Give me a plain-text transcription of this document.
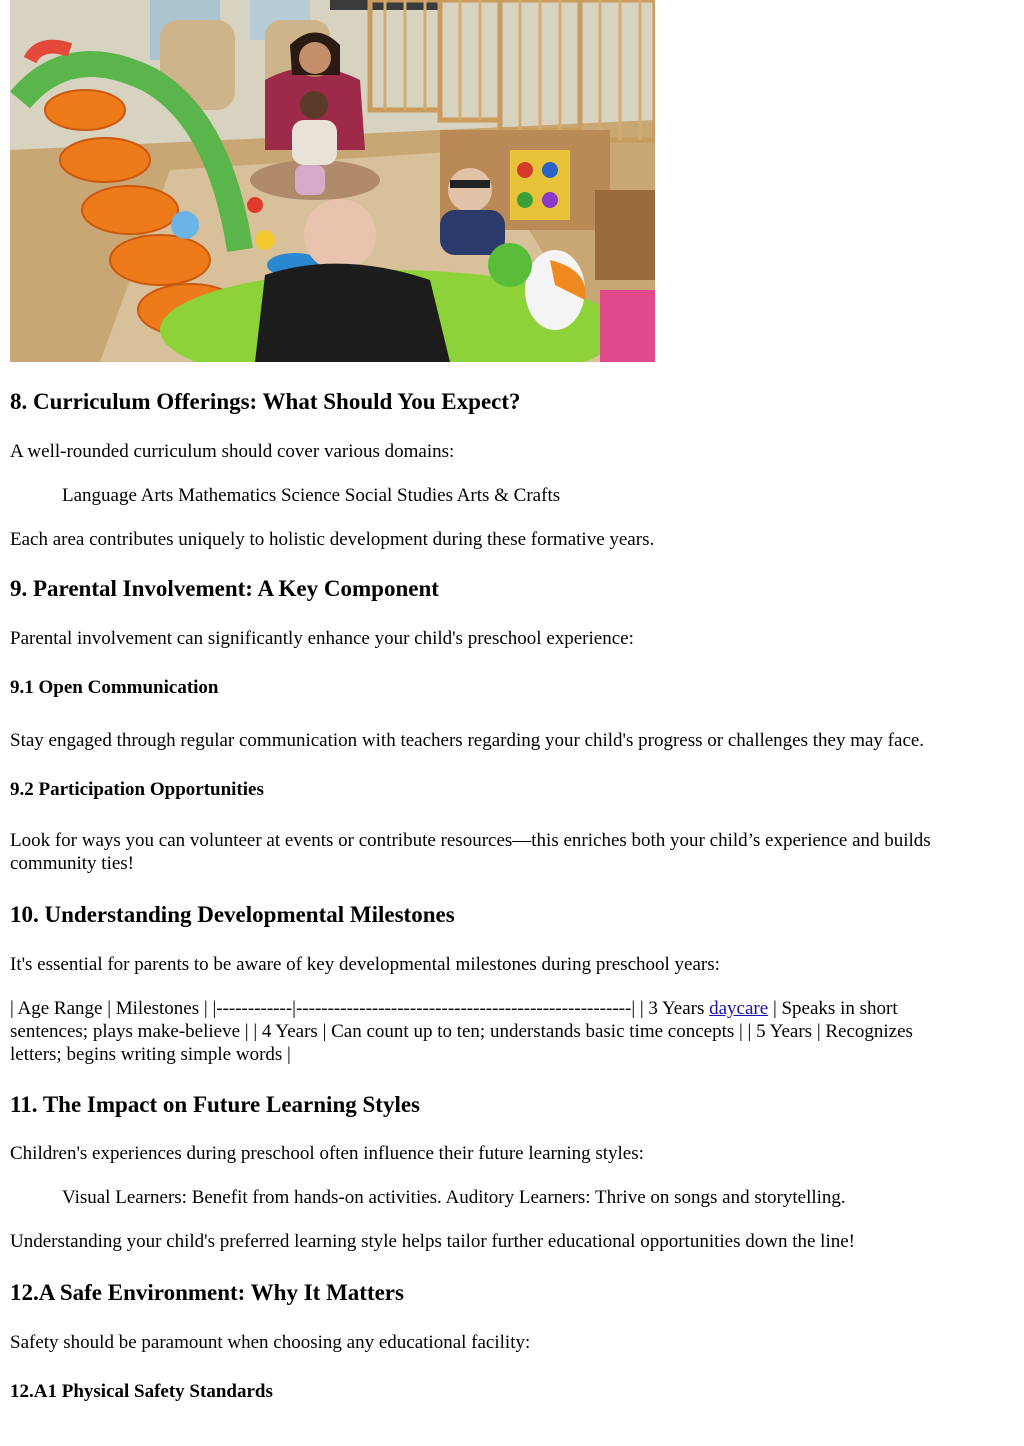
8. Curriculum Offerings: What Should You Expect?

A well-rounded curriculum should cover various domains:

Language Arts Mathematics Science Social Studies Arts & Crafts

Each area contributes uniquely to holistic development during these formative years.

9. Parental Involvement: A Key Component

Parental involvement can significantly enhance your child's preschool experience:

9.1 Open Communication

Stay engaged through regular communication with teachers regarding your child's progress or challenges they may face.

9.2 Participation Opportunities

Look for ways you can volunteer at events or contribute resources—this enriches both your child’s experience and builds

community ties!

10. Understanding Developmental Milestones

It's essential for parents to be aware of key developmental milestones during preschool years:

| Age Range | Milestones | |------------|-----------------------------------------------------| | 3 Years daycare | Speaks in short

sentences; plays make-believe | | 4 Years | Can count up to ten; understands basic time concepts | | 5 Years | Recognizes

letters; begins writing simple words |

11. The Impact on Future Learning Styles

Children's experiences during preschool often influence their future learning styles:

Visual Learners: Benefit from hands-on activities. Auditory Learners: Thrive on songs and storytelling.

Understanding your child's preferred learning style helps tailor further educational opportunities down the line!

12.A Safe Environment: Why It Matters

Safety should be paramount when choosing any educational facility:

12.A1 Physical Safety Standards
